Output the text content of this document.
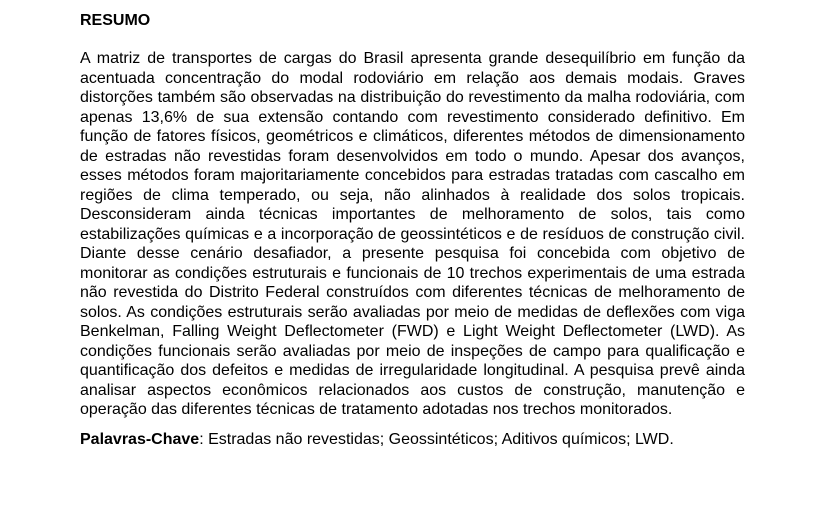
RESUMO

A matriz de transportes de cargas do Brasil apresenta grande desequilíbrio em função da acentuada concentração do modal rodoviário em relação aos demais modais. Graves distorções também são observadas na distribuição do revestimento da malha rodoviária, com apenas 13,6% de sua extensão contando com revestimento considerado definitivo. Em função de fatores físicos, geométricos e climáticos, diferentes métodos de dimensionamento de estradas não revestidas foram desenvolvidos em todo o mundo. Apesar dos avanços, esses métodos foram majoritariamente concebidos para estradas tratadas com cascalho em regiões de clima temperado, ou seja, não alinhados à realidade dos solos tropicais. Desconsideram ainda técnicas importantes de melhoramento de solos, tais como estabilizações químicas e a incorporação de geossintéticos e de resíduos de construção civil. Diante desse cenário desafiador, a presente pesquisa foi concebida com objetivo de monitorar as condições estruturais e funcionais de 10 trechos experimentais de uma estrada não revestida do Distrito Federal construídos com diferentes técnicas de melhoramento de solos. As condições estruturais serão avaliadas por meio de medidas de deflexões com viga Benkelman, Falling Weight Deflectometer (FWD) e Light Weight Deflectometer (LWD). As condições funcionais serão avaliadas por meio de inspeções de campo para qualificação e quantificação dos defeitos e medidas de irregularidade longitudinal. A pesquisa prevê ainda analisar aspectos econômicos relacionados aos custos de construção, manutenção e operação das diferentes técnicas de tratamento adotadas nos trechos monitorados.

Palavras-Chave: Estradas não revestidas; Geossintéticos; Aditivos químicos; LWD.
